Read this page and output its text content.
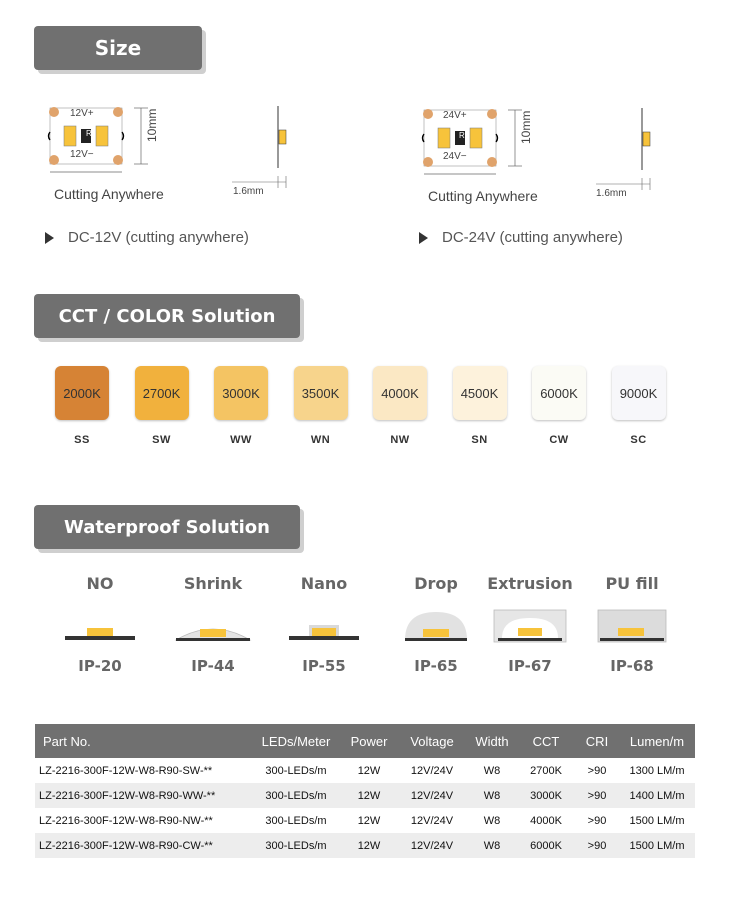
Size
12V+
12V−
R	10mm
Cutting Anywhere	1.6mm
DC-12V (cutting anywhere)
24V+
24V−
R	10mm
Cutting Anywhere	1.6mm
DC-24V (cutting anywhere)
CCT / COLOR Solution
2000K
SS
2700K
SW
3000K
WW
3500K
WN
4000K
NW
4500K
SN
6000K
CW
9000K
SC
Waterproof Solution
NO
IP-20
Shrink
IP-44
Nano
IP-55
Drop
IP-65
Extrusion
IP-67
PU fill
IP-68
Part No.	LEDs/Meter	Power	Voltage	Width	CCT	CRI	Lumen/m
LZ-2216-300F-12W-W8-R90-SW-**	300-LEDs/m	12W	12V/24V	W8	2700K	>90	1300 LM/m
LZ-2216-300F-12W-W8-R90-WW-**	300-LEDs/m	12W	12V/24V	W8	3000K	>90	1400 LM/m
LZ-2216-300F-12W-W8-R90-NW-**	300-LEDs/m	12W	12V/24V	W8	4000K	>90	1500 LM/m
LZ-2216-300F-12W-W8-R90-CW-**	300-LEDs/m	12W	12V/24V	W8	6000K	>90	1500 LM/m
